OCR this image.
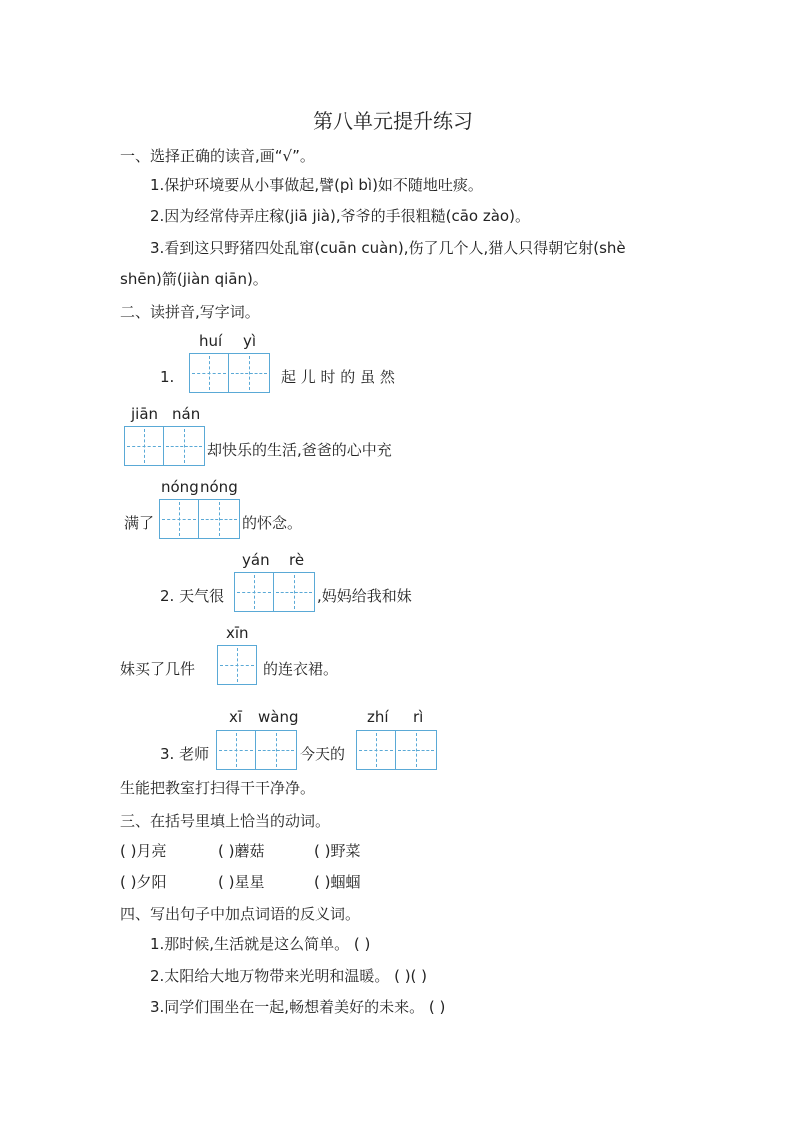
第八单元提升练习
一、选择正确的读音,画“√”。
1.保护环境要从小事做起,譬(pì bì)如不随地吐痰。
2.因为经常侍弄庄稼(jiā jià),爷爷的手很粗糙(cāo zào)。
3.看到这只野猪四处乱窜(cuān cuàn),伤了几个人,猎人只得朝它射(shè
shēn)箭(jiàn qiān)。
二、读拼音,写字词。
huí yì
1.	起 儿 时 的 虽 然
jiān nán
却快乐的生活,爸爸的心中充
nóng nóng
满了	的怀念。
yán rè
2. 天气很	,妈妈给我和妹
xīn
妹买了几件	的连衣裙。
xī wàng	zhí rì
3. 老师	今天的
生能把教室打扫得干干净净。
三、在括号里填上恰当的动词。
( )月亮	( )蘑菇	( )野菜
( )夕阳	( )星星	( )蝈蝈
四、写出句子中加点词语的反义词。
1.那时候,生活就是这么简单。 ( )
2.太阳给大地万物带来光明和温暖。 ( )( )
3.同学们围坐在一起,畅想着美好的未来。 ( )
